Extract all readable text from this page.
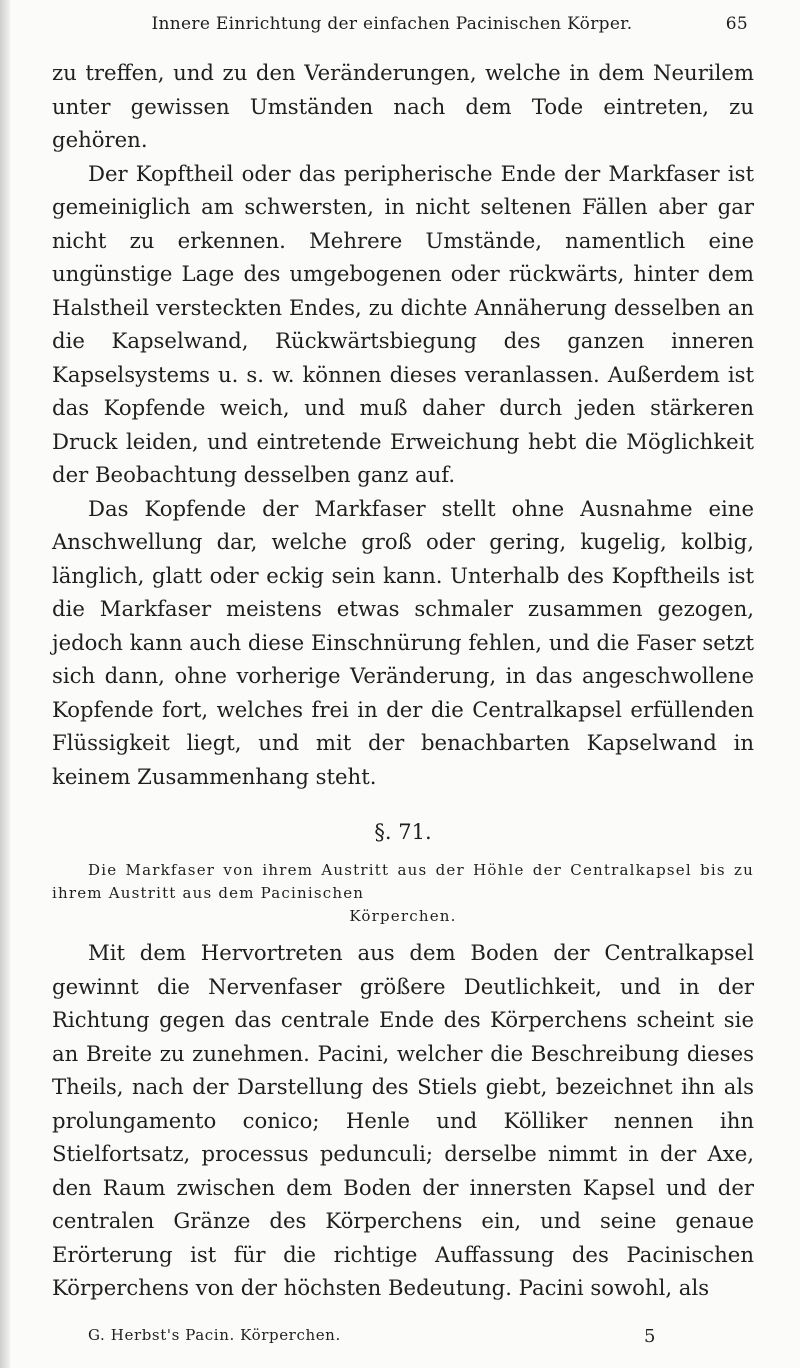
Innere Einrichtung der einfachen Pacinischen Körper.	65

zu treffen, und zu den Veränderungen, welche in dem Neurilem unter gewissen Umständen nach dem Tode eintreten, zu gehören.

Der Kopftheil oder das peripherische Ende der Markfaser ist gemeiniglich am schwersten, in nicht seltenen Fällen aber gar nicht zu erkennen. Mehrere Umstände, namentlich eine ungünstige Lage des umgebogenen oder rückwärts, hinter dem Halstheil versteckten Endes, zu dichte Annäherung desselben an die Kapselwand, Rückwärtsbiegung des ganzen inneren Kapselsystems u. s. w. können dieses veranlassen. Außerdem ist das Kopfende weich, und muß daher durch jeden stärkeren Druck leiden, und eintretende Erweichung hebt die Möglichkeit der Beobachtung desselben ganz auf.

Das Kopfende der Markfaser stellt ohne Ausnahme eine Anschwellung dar, welche groß oder gering, kugelig, kolbig, länglich, glatt oder eckig sein kann. Unterhalb des Kopftheils ist die Markfaser meistens etwas schmaler zusammen gezogen, jedoch kann auch diese Einschnürung fehlen, und die Faser setzt sich dann, ohne vorherige Veränderung, in das angeschwollene Kopfende fort, welches frei in der die Centralkapsel erfüllenden Flüssigkeit liegt, und mit der benachbarten Kapselwand in keinem Zusammenhang steht.

§. 71.
Die Markfaser von ihrem Austritt aus der Höhle der Centralkapsel bis zu ihrem Austritt aus dem Pacinischen
Körperchen.

Mit dem Hervortreten aus dem Boden der Centralkapsel gewinnt die Nervenfaser größere Deutlichkeit, und in der Richtung gegen das centrale Ende des Körperchens scheint sie an Breite zu zunehmen. Pacini, welcher die Beschreibung dieses Theils, nach der Darstellung des Stiels giebt, bezeichnet ihn als prolungamento conico; Henle und Kölliker nennen ihn Stielfortsatz, processus pedunculi; derselbe nimmt in der Axe, den Raum zwischen dem Boden der innersten Kapsel und der centralen Gränze des Körperchens ein, und seine genaue Erörterung ist für die richtige Auffassung des Pacinischen Körperchens von der höchsten Bedeutung. Pacini sowohl, als

G. Herbst's Pacin. Körperchen.	5
